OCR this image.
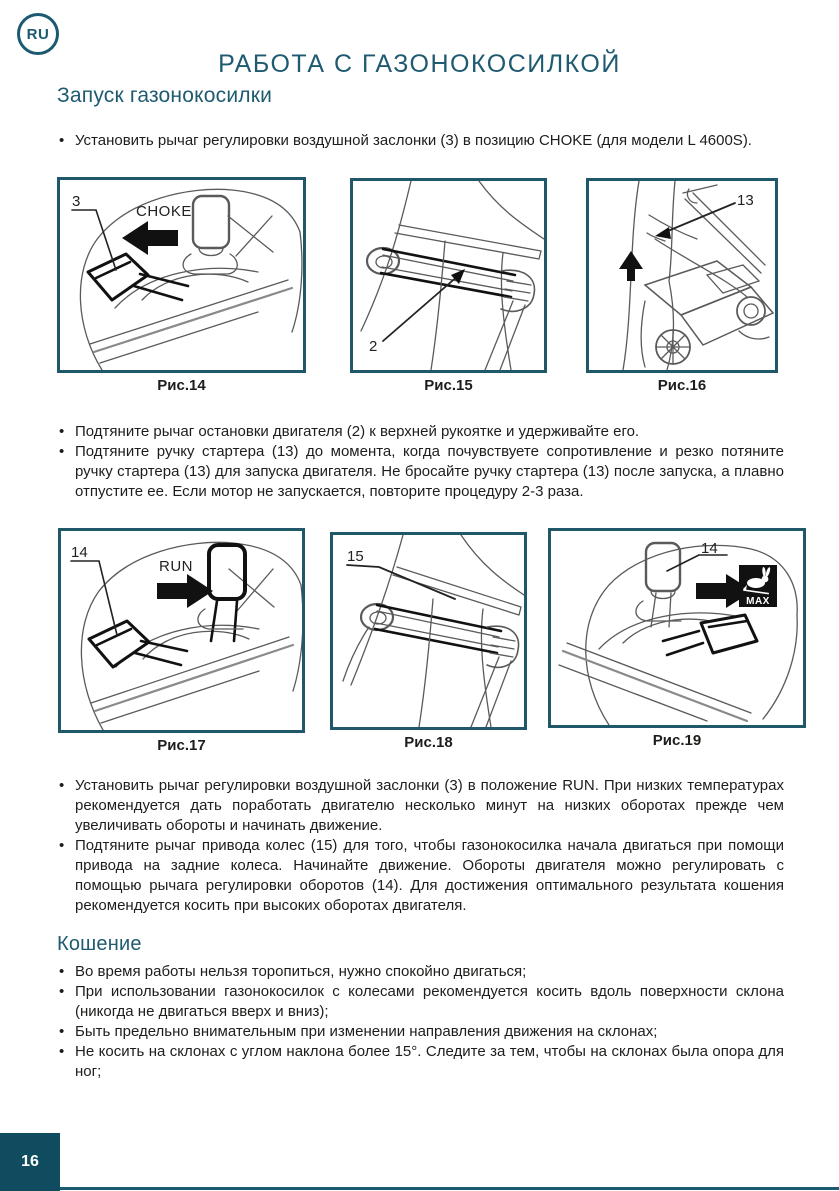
RU
РАБОТА С ГАЗОНОКОСИЛКОЙ
Запуск газонокосилки
• Установить рычаг регулировки воздушной заслонки (3) в позицию CHOKE (для модели L 4600S).
CHOKE
3
Рис.14
2
Рис.15
13
Рис.16
• Подтяните рычаг остановки двигателя (2) к верхней рукоятке и удерживайте его.
• Подтяните ручку стартера (13) до момента, когда почувствуете сопротивление и резко потяните ручку стартера (13) для запуска двигателя. Не бросайте ручку стартера (13) после запуска, а плавно отпустите ее. Если мотор не запускается, повторите процедуру 2-3 раза.
RUN
14
Рис.17
15
Рис.18
14
MAX
Рис.19
• Установить рычаг регулировки воздушной заслонки (3) в положение RUN. При низких температурах рекомендуется дать поработать двигателю несколько минут на низких оборотах прежде чем увеличивать обороты и начинать движение.
• Подтяните рычаг привода колес (15) для того, чтобы газонокосилка начала двигаться при помощи привода на задние колеса. Начинайте движение. Обороты двигателя можно регулировать с помощью рычага регулировки оборотов (14). Для достижения оптимального результата кошения рекомендуется косить при высоких оборотах двигателя.
Кошение
• Во время работы нельзя торопиться, нужно спокойно двигаться;
• При использовании газонокосилок с колесами рекомендуется косить вдоль поверхности склона (никогда не двигаться вверх и вниз);
• Быть предельно внимательным при изменении направления движения на склонах;
• Не косить на склонах с углом наклона более 15°. Следите за тем, чтобы на склонах была опора для ног;
16
